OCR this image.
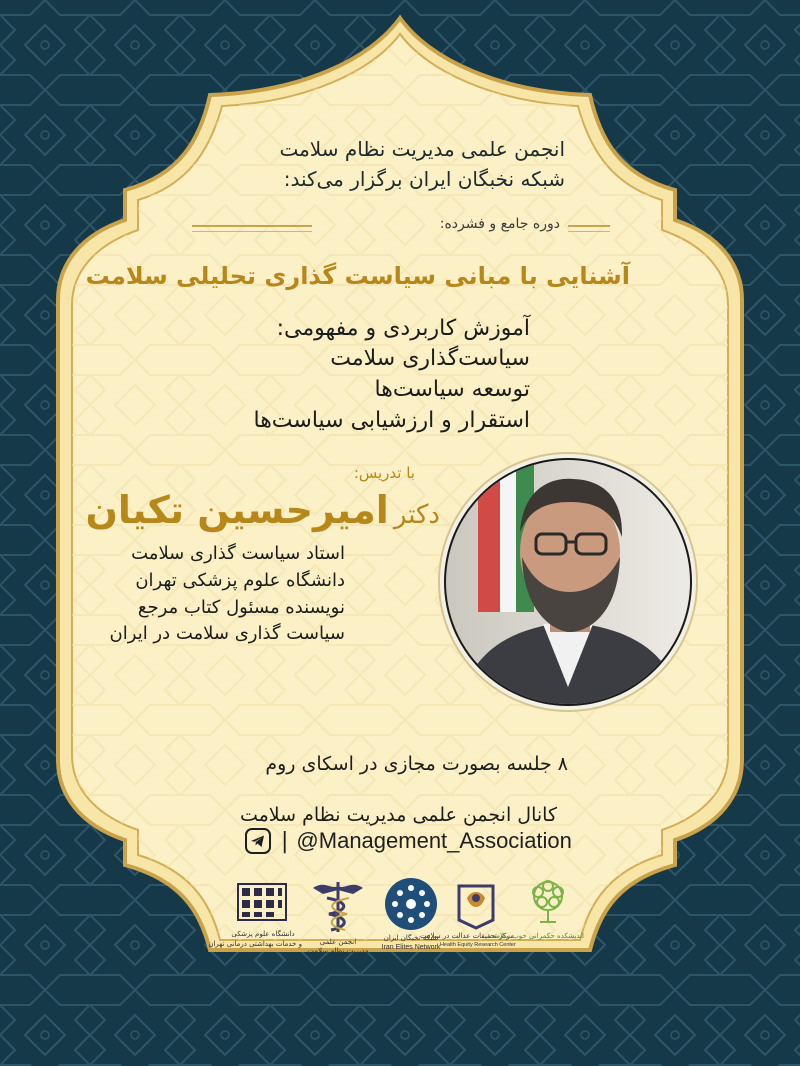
انجمن علمی مدیریت نظام سلامت
شبکه نخبگان ایران برگزار می‌کند:
دوره جامع و فشرده:
آشنایی با مبانی سیاست گذاری تحلیلی سلامت
آموزش کاربردی و مفهومی:
سیاست‌گذاری سلامت
توسعه سیاست‌ها
استقرار و ارزشیابی سیاست‌ها
با تدریس:
دکتر امیرحسین تکیان
استاد سیاست گذاری سلامت
دانشگاه علوم پزشکی تهران
نویسنده مسئول کتاب مرجع
سیاست گذاری سلامت در ایران
۸ جلسه بصورت مجازی در اسکای روم
کانال انجمن علمی مدیریت نظام سلامت
| @Management_Association
دانشگاه علوم پزشکی
و خدمات بهداشتی درمانی تهران	انجمن علمی
مدیریت نظام سلامت
شبکه نخبگان ایران
Iran Elites Network
مرکز تحقیقات عدالت در سلامت
Health Equity Research Center
اندیشکده حکمرانی خوب سلامت
